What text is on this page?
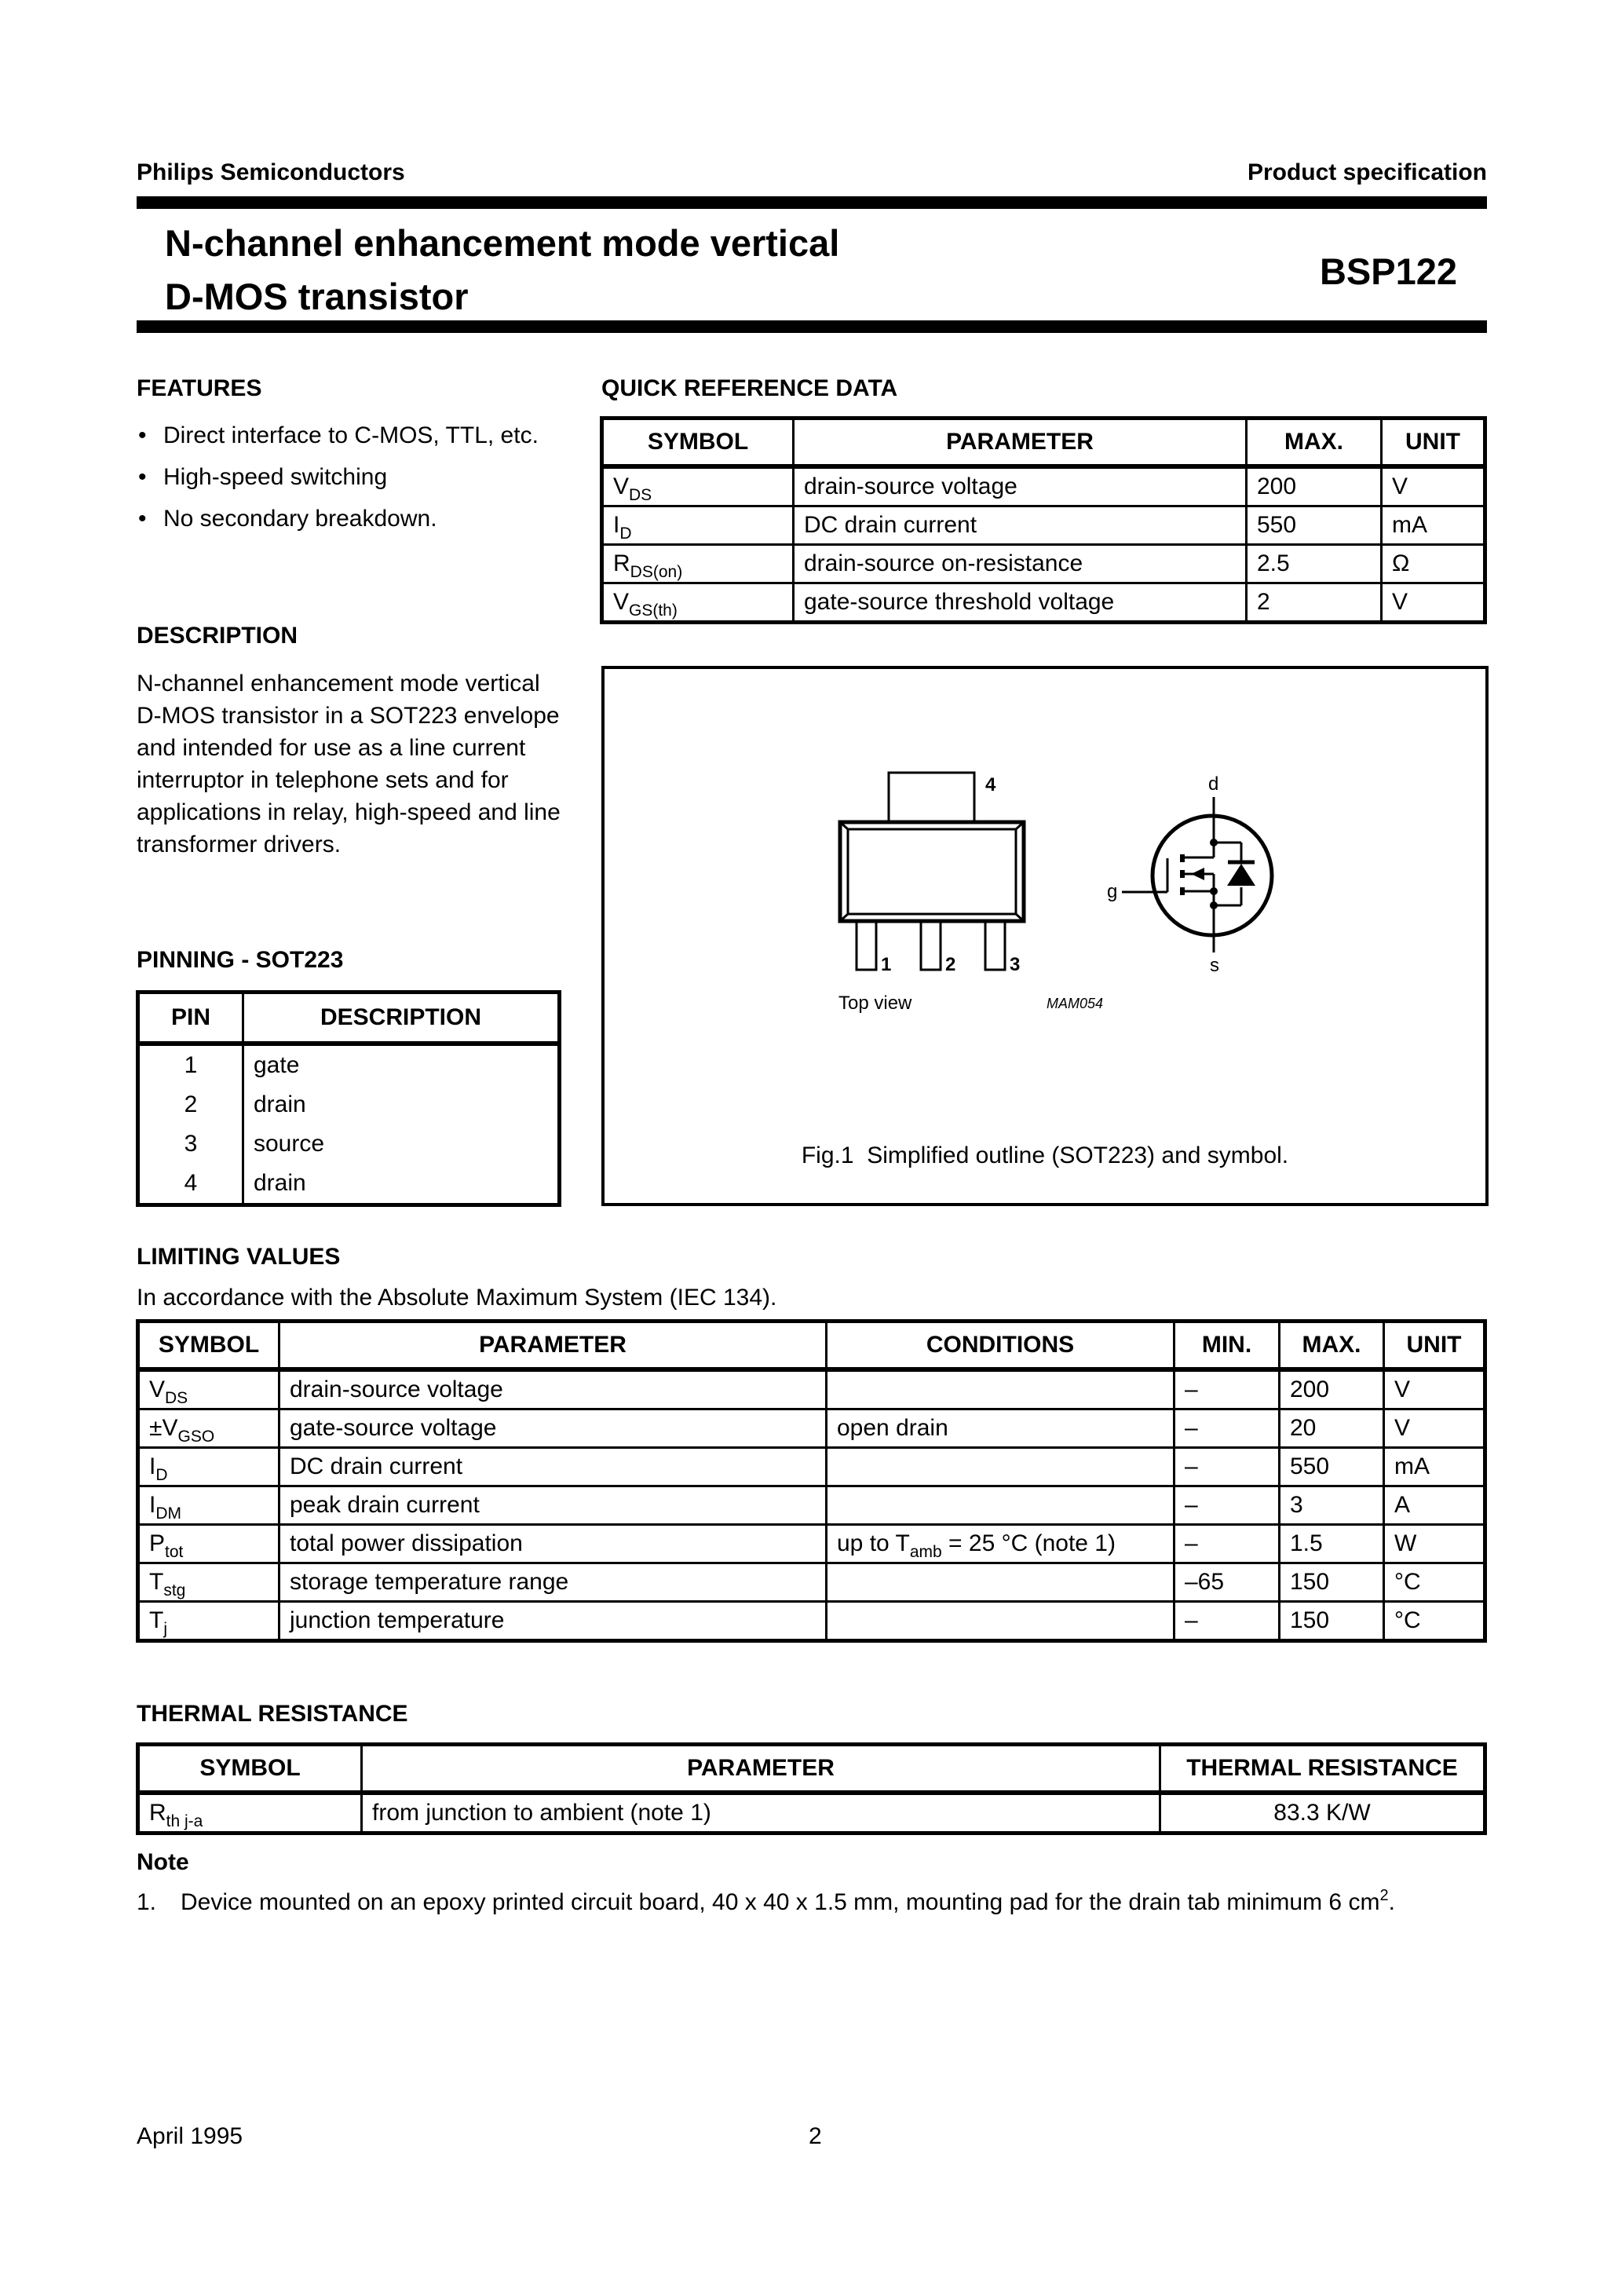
Philips Semiconductors	Product specification
N-channel enhancement mode vertical
D-MOS transistor
BSP122
FEATURES
• Direct interface to C-MOS, TTL, etc.
• High-speed switching
• No secondary breakdown.
DESCRIPTION
N-channel enhancement mode vertical D-MOS transistor in a SOT223 envelope and intended for use as a line current interruptor in telephone sets and for applications in relay, high-speed and line transformer drivers.
PINNING - SOT223
PIN	DESCRIPTION
1	gate
2	drain
3	source
4	drain
QUICK REFERENCE DATA
SYMBOL	PARAMETER	MAX.	UNIT
$V_{DS}$	drain-source voltage	200	V
$I_D$	DC drain current	550	mA
$R_{DS(on)}$	drain-source on-resistance	2.5	Ω
$V_{GS(th)}$	gate-source threshold voltage	2	V
4
1	2	3
Top view	MAM054
d
g
s
Fig.1  Simplified outline (SOT223) and symbol.
LIMITING VALUES
In accordance with the Absolute Maximum System (IEC 134).
SYMBOL	PARAMETER	CONDITIONS	MIN.	MAX.	UNIT
$V_{DS}$	drain-source voltage		–	200	V
$\pm V_{GSO}$	gate-source voltage	open drain	–	20	V
$I_D$	DC drain current		–	550	mA
$I_{DM}$	peak drain current		–	3	A
$P_{tot}$	total power dissipation	up to $T_{amb} = 25$ °C (note 1)	–	1.5	W
$T_{stg}$	storage temperature range		–65	150	°C
$T_j$	junction temperature		–	150	°C
THERMAL RESISTANCE
SYMBOL	PARAMETER	THERMAL RESISTANCE
$R_{th j-a}$	from junction to ambient (note 1)	83.3 K/W
Note
1. Device mounted on an epoxy printed circuit board, 40 x 40 x 1.5 mm, mounting pad for the drain tab minimum 6 $cm^2$.
April 1995	2
